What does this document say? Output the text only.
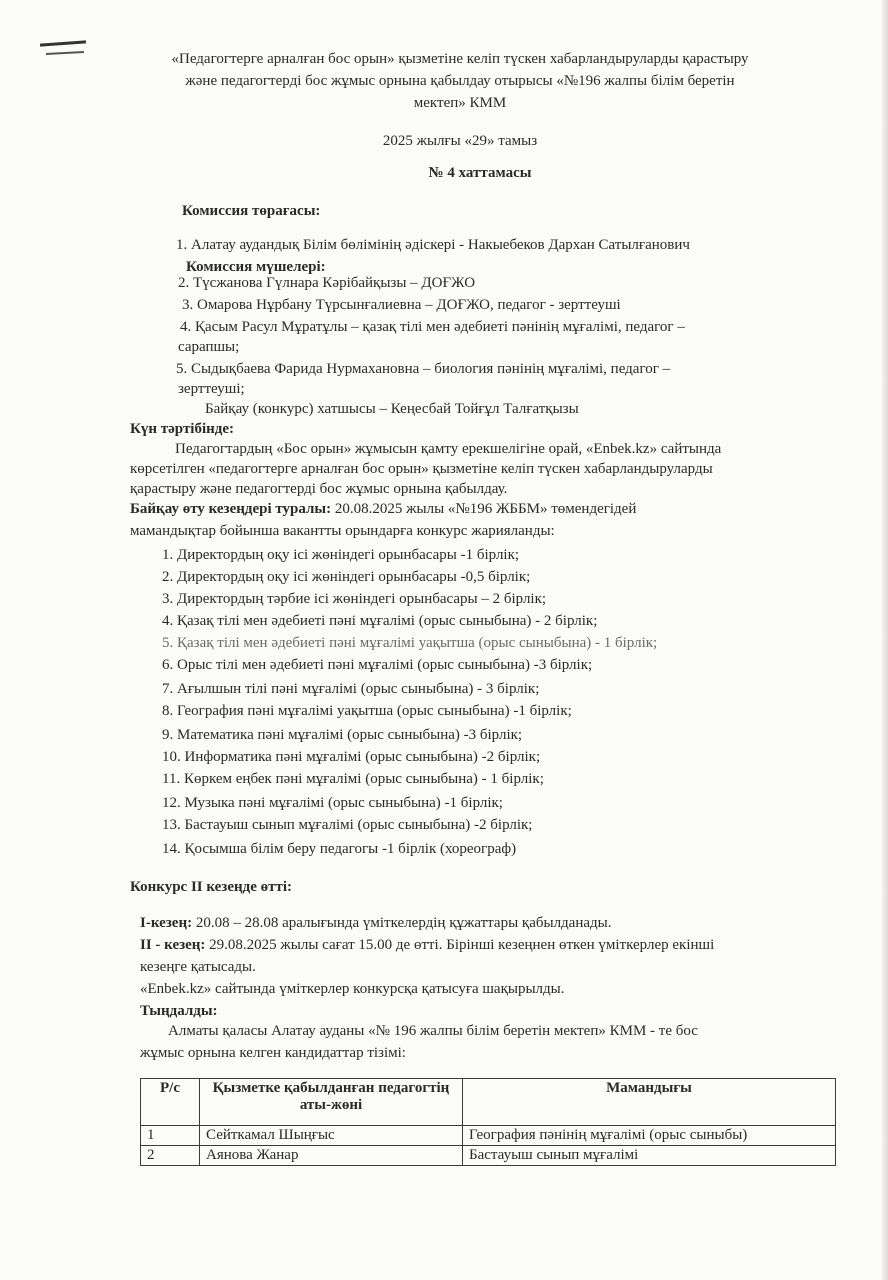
«Педагогтерге арналған бос орын» қызметіне келіп түскен хабарландыруларды қарастыру
және педагогтерді бос жұмыс орнына қабылдау отырысы «№196 жалпы білім беретін
мектеп» КММ
2025 жылғы «29» тамыз
№ 4 хаттамасы
Комиссия төрағасы:
1. Алатау аудандық Білім бөлімінің әдіскері - Накыебеков Дархан Сатылғанович
Комиссия мүшелері:
2. Түсжанова Гүлнара Кәрібайқызы – ДОҒЖО
3. Омарова Нұрбану Түрсынғалиевна – ДОҒЖО, педагог - зерттеуші
4. Қасым Расул Мұратұлы – қазақ тілі мен әдебиеті пәнінің мұғалімі, педагог –
сарапшы;
5. Сыдықбаева Фарида Нурмахановна – биология пәнінің мұғалімі, педагог –
зерттеуші;
Байқау (конкурс) хатшысы – Кеңесбай Тойғұл Талғатқызы
Күн тәртібінде:
Педагогтардың «Бос орын» жұмысын қамту ерекшелігіне орай, «Enbek.kz» сайтында
көрсетілген «педагогтерге арналған бос орын» қызметіне келіп түскен хабарландыруларды
қарастыру және педагогтерді бос жұмыс орнына қабылдау.
Байқау өту кезеңдері туралы: 20.08.2025 жылы «№196 ЖББМ» төмендегідей
мамандықтар бойынша вакантты орындарға конкурс жарияланды:
1. Директордың оқу ісі жөніндегі орынбасары -1 бірлік;
2. Директордың оқу ісі жөніндегі орынбасары -0,5 бірлік;
3. Директордың тәрбие ісі жөніндегі орынбасары – 2 бірлік;
4. Қазақ тілі мен әдебиеті пәні мұғалімі (орыс сыныбына) - 2 бірлік;
5. Қазақ тілі мен әдебиеті пәні мұғалімі уақытша (орыс сыныбына) - 1 бірлік;
6. Орыс тілі мен әдебиеті пәні мұғалімі (орыс сыныбына) -3 бірлік;
7. Ағылшын тілі пәні мұғалімі (орыс сыныбына) - 3 бірлік;
8. География пәні мұғалімі уақытша (орыс сыныбына) -1 бірлік;
9. Математика пәні мұғалімі (орыс сыныбына) -3 бірлік;
10. Информатика пәні мұғалімі (орыс сыныбына) -2 бірлік;
11. Көркем еңбек пәні мұғалімі (орыс сыныбына) - 1 бірлік;
12. Музыка пәні мұғалімі (орыс сыныбына) -1 бірлік;
13. Бастауыш сынып мұғалімі (орыс сыныбына) -2 бірлік;
14. Қосымша білім беру педагогы -1 бірлік (хореограф)
Конкурс II кезеңде өтті:
І-кезең: 20.08 – 28.08 аралығында үміткелердің құжаттары қабылданады.
ІІ - кезең: 29.08.2025 жылы сағат 15.00 де өтті. Бірінші кезеңнен өткен үміткерлер екінші
кезеңге қатысады.
«Enbek.kz» сайтында үміткерлер конкурсқа қатысуға шақырылды.
Тыңдалды:
Алматы қаласы Алатау ауданы «№ 196 жалпы білім беретін мектеп» КММ - те бос
жұмыс орнына келген кандидаттар тізімі:
Р/с	Қызметке қабылданған педагогтің аты-жөні	Мамандығы
1	Сейткамал Шыңғыс	География пәнінің мұғалімі (орыс сыныбы)
2	Аянова Жанар	Бастауыш сынып мұғалімі
